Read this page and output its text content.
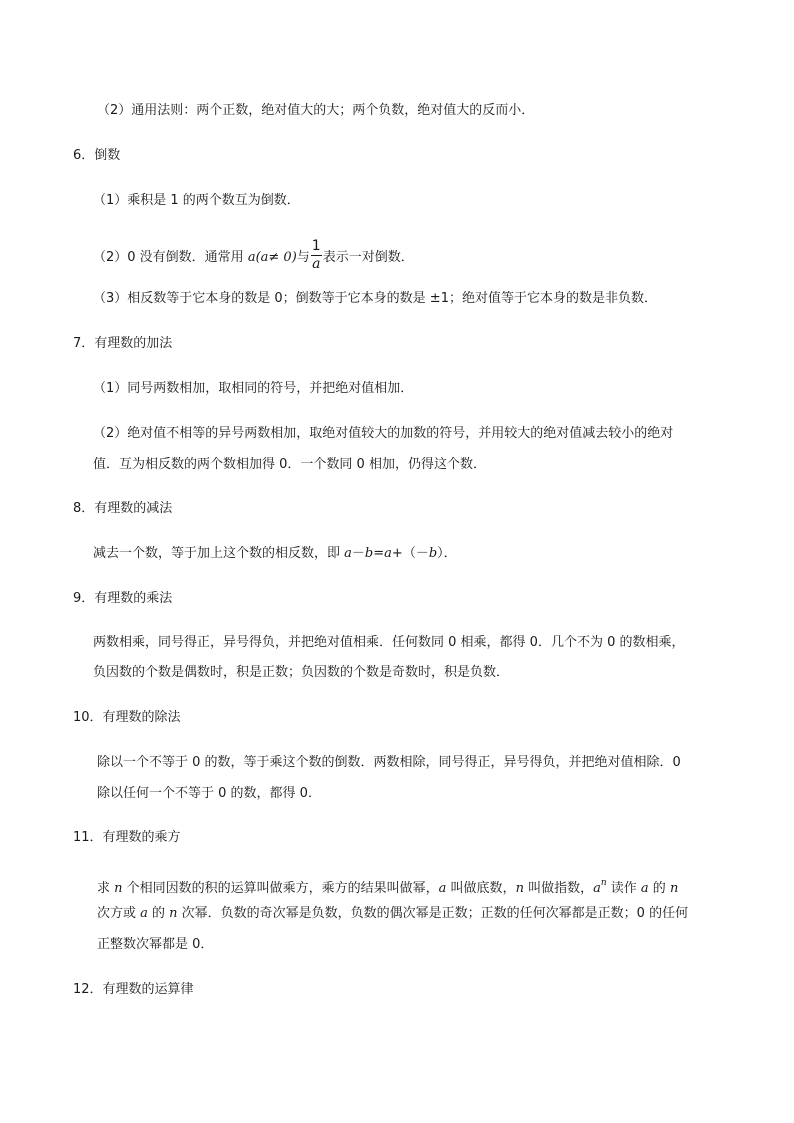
（2）通用法则：两个正数，绝对值大的大；两个负数，绝对值大的反而小．
6．倒数
（1）乘积是 1 的两个数互为倒数．
（2）0 没有倒数．通常用 a(a≠ 0)与 $\frac{1}{a}$ 表示一对倒数．
（3）相反数等于它本身的数是 0；倒数等于它本身的数是 ±1；绝对值等于它本身的数是非负数．
7．有理数的加法
（1）同号两数相加，取相同的符号，并把绝对值相加．
（2）绝对值不相等的异号两数相加，取绝对值较大的加数的符号，并用较大的绝对值减去较小的绝对
值．互为相反数的两个数相加得 0．一个数同 0 相加，仍得这个数．
8．有理数的减法
减去一个数，等于加上这个数的相反数，即 a－b=a+（－b）．
9．有理数的乘法
两数相乘，同号得正，异号得负，并把绝对值相乘．任何数同 0 相乘，都得 0．几个不为 0 的数相乘，
负因数的个数是偶数时，积是正数；负因数的个数是奇数时，积是负数．
10．有理数的除法
除以一个不等于 0 的数，等于乘这个数的倒数．两数相除，同号得正，异号得负，并把绝对值相除．0
除以任何一个不等于 0 的数，都得 0．
11．有理数的乘方
求 n 个相同因数的积的运算叫做乘方，乘方的结果叫做幂，a 叫做底数，n 叫做指数，$a^n$ 读作 a 的 n
次方或 a 的 n 次幂．负数的奇次幂是负数，负数的偶次幂是正数；正数的任何次幂都是正数；0 的任何
正整数次幂都是 0．
12．有理数的运算律
